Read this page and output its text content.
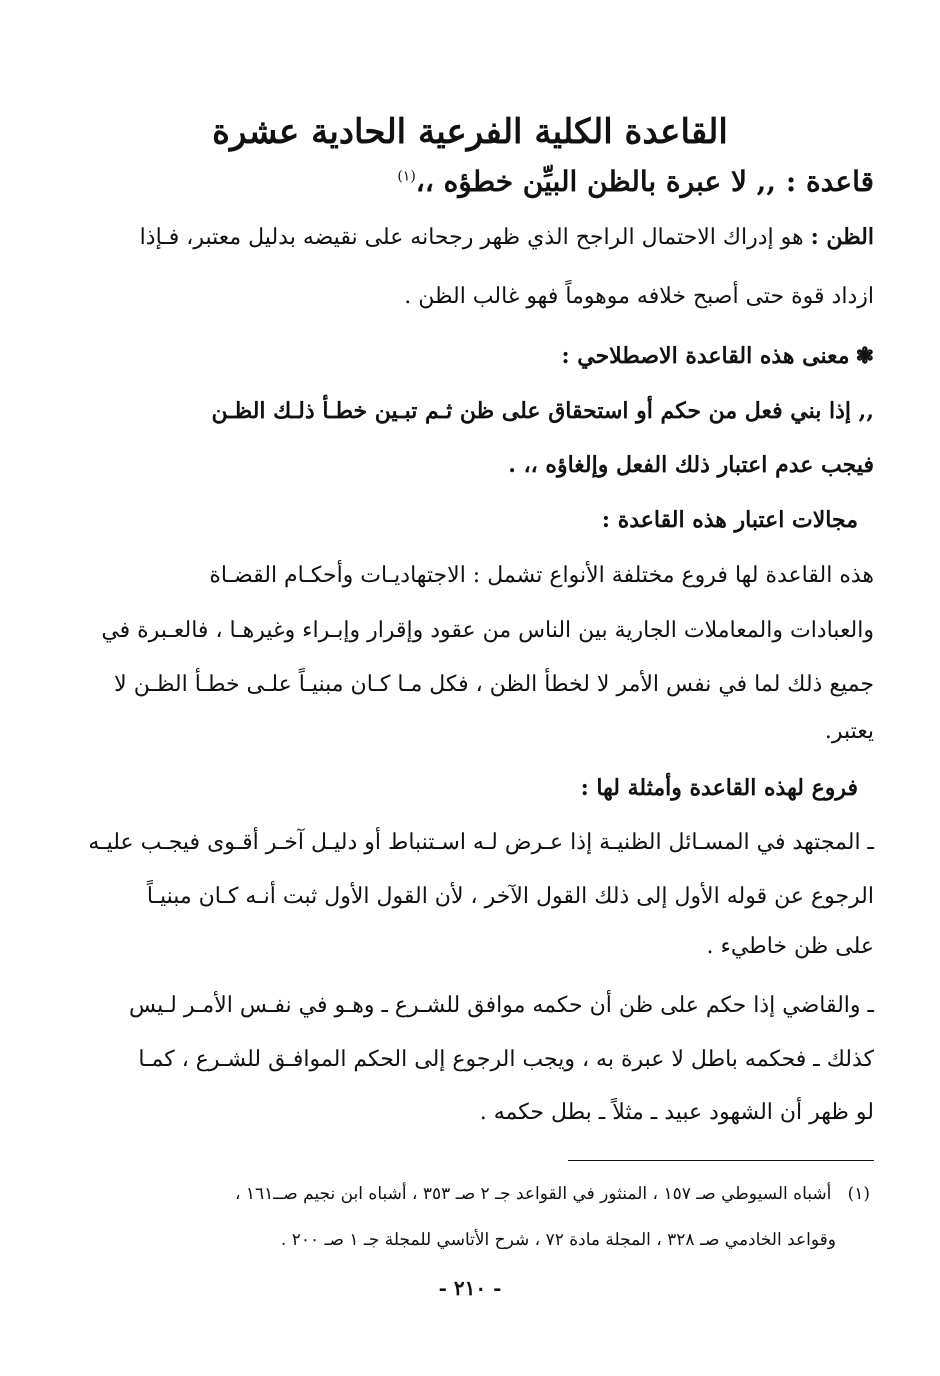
القاعدة الكلية الفرعية الحادية عشرة
قاعدة : ,, لا عبرة بالظن البيِّن خطؤه ،،$^{(١)}$
الظن : هو إدراك الاحتمال الراجح الذي ظهر رجحانه على نقيضه بدليل معتبر، فـإذا
ازداد قوة حتى أصبح خلافه موهوماً فهو غالب الظن .
❃معنى هذه القاعدة الاصطلاحي :
,, إذا بني فعل من حكم أو استحقاق على ظن ثـم تبـين خطـأ ذلـك الظـن
فيجب عدم اعتبار ذلك الفعل وإلغاؤه ،، .
مجالات اعتبار هذه القاعدة :
هذه القاعدة لها فروع مختلفة الأنواع تشمل : الاجتهاديـات وأحكـام القضـاة
والعبادات والمعاملات الجارية بين الناس من عقود وإقرار وإبـراء وغيرهـا ، فالعـبرة في
جميع ذلك لما في نفس الأمر لا لخطأ الظن ، فكل مـا كـان مبنيـاً علـى خطـأ الظـن لا
يعتبر.
فروع لهذه القاعدة وأمثلة لها :
ـ المجتهد في المسـائل الظنيـة إذا عـرض لـه اسـتنباط أو دليـل آخـر أقـوى فيجـب عليـه
الرجوع عن قوله الأول إلى ذلك القول الآخر ، لأن القول الأول ثبت أنـه كـان مبنيـاً
على ظن خاطيء .
ـ والقاضي إذا حكم على ظن أن حكمه موافق للشـرع ـ وهـو في نفـس الأمـر لـيس
كذلك ـ فحكمه باطل لا عبرة به ، ويجب الرجوع إلى الحكم الموافـق للشـرع ، كمـا
لو ظهر أن الشهود عبيد ـ مثلاً ـ بطل حكمه .
(١)   أشباه السيوطي صـ ١٥٧ ، المنثور في القواعد جـ ٢ صـ ٣٥٣ ، أشباه ابن نجيم صــ١٦١ ،
وقواعد الخادمي صـ ٣٢٨ ، المجلة مادة ٧٢ ، شرح الأتاسي للمجلة جـ ١ صـ ٢٠٠ .
- ٢١٠ -
